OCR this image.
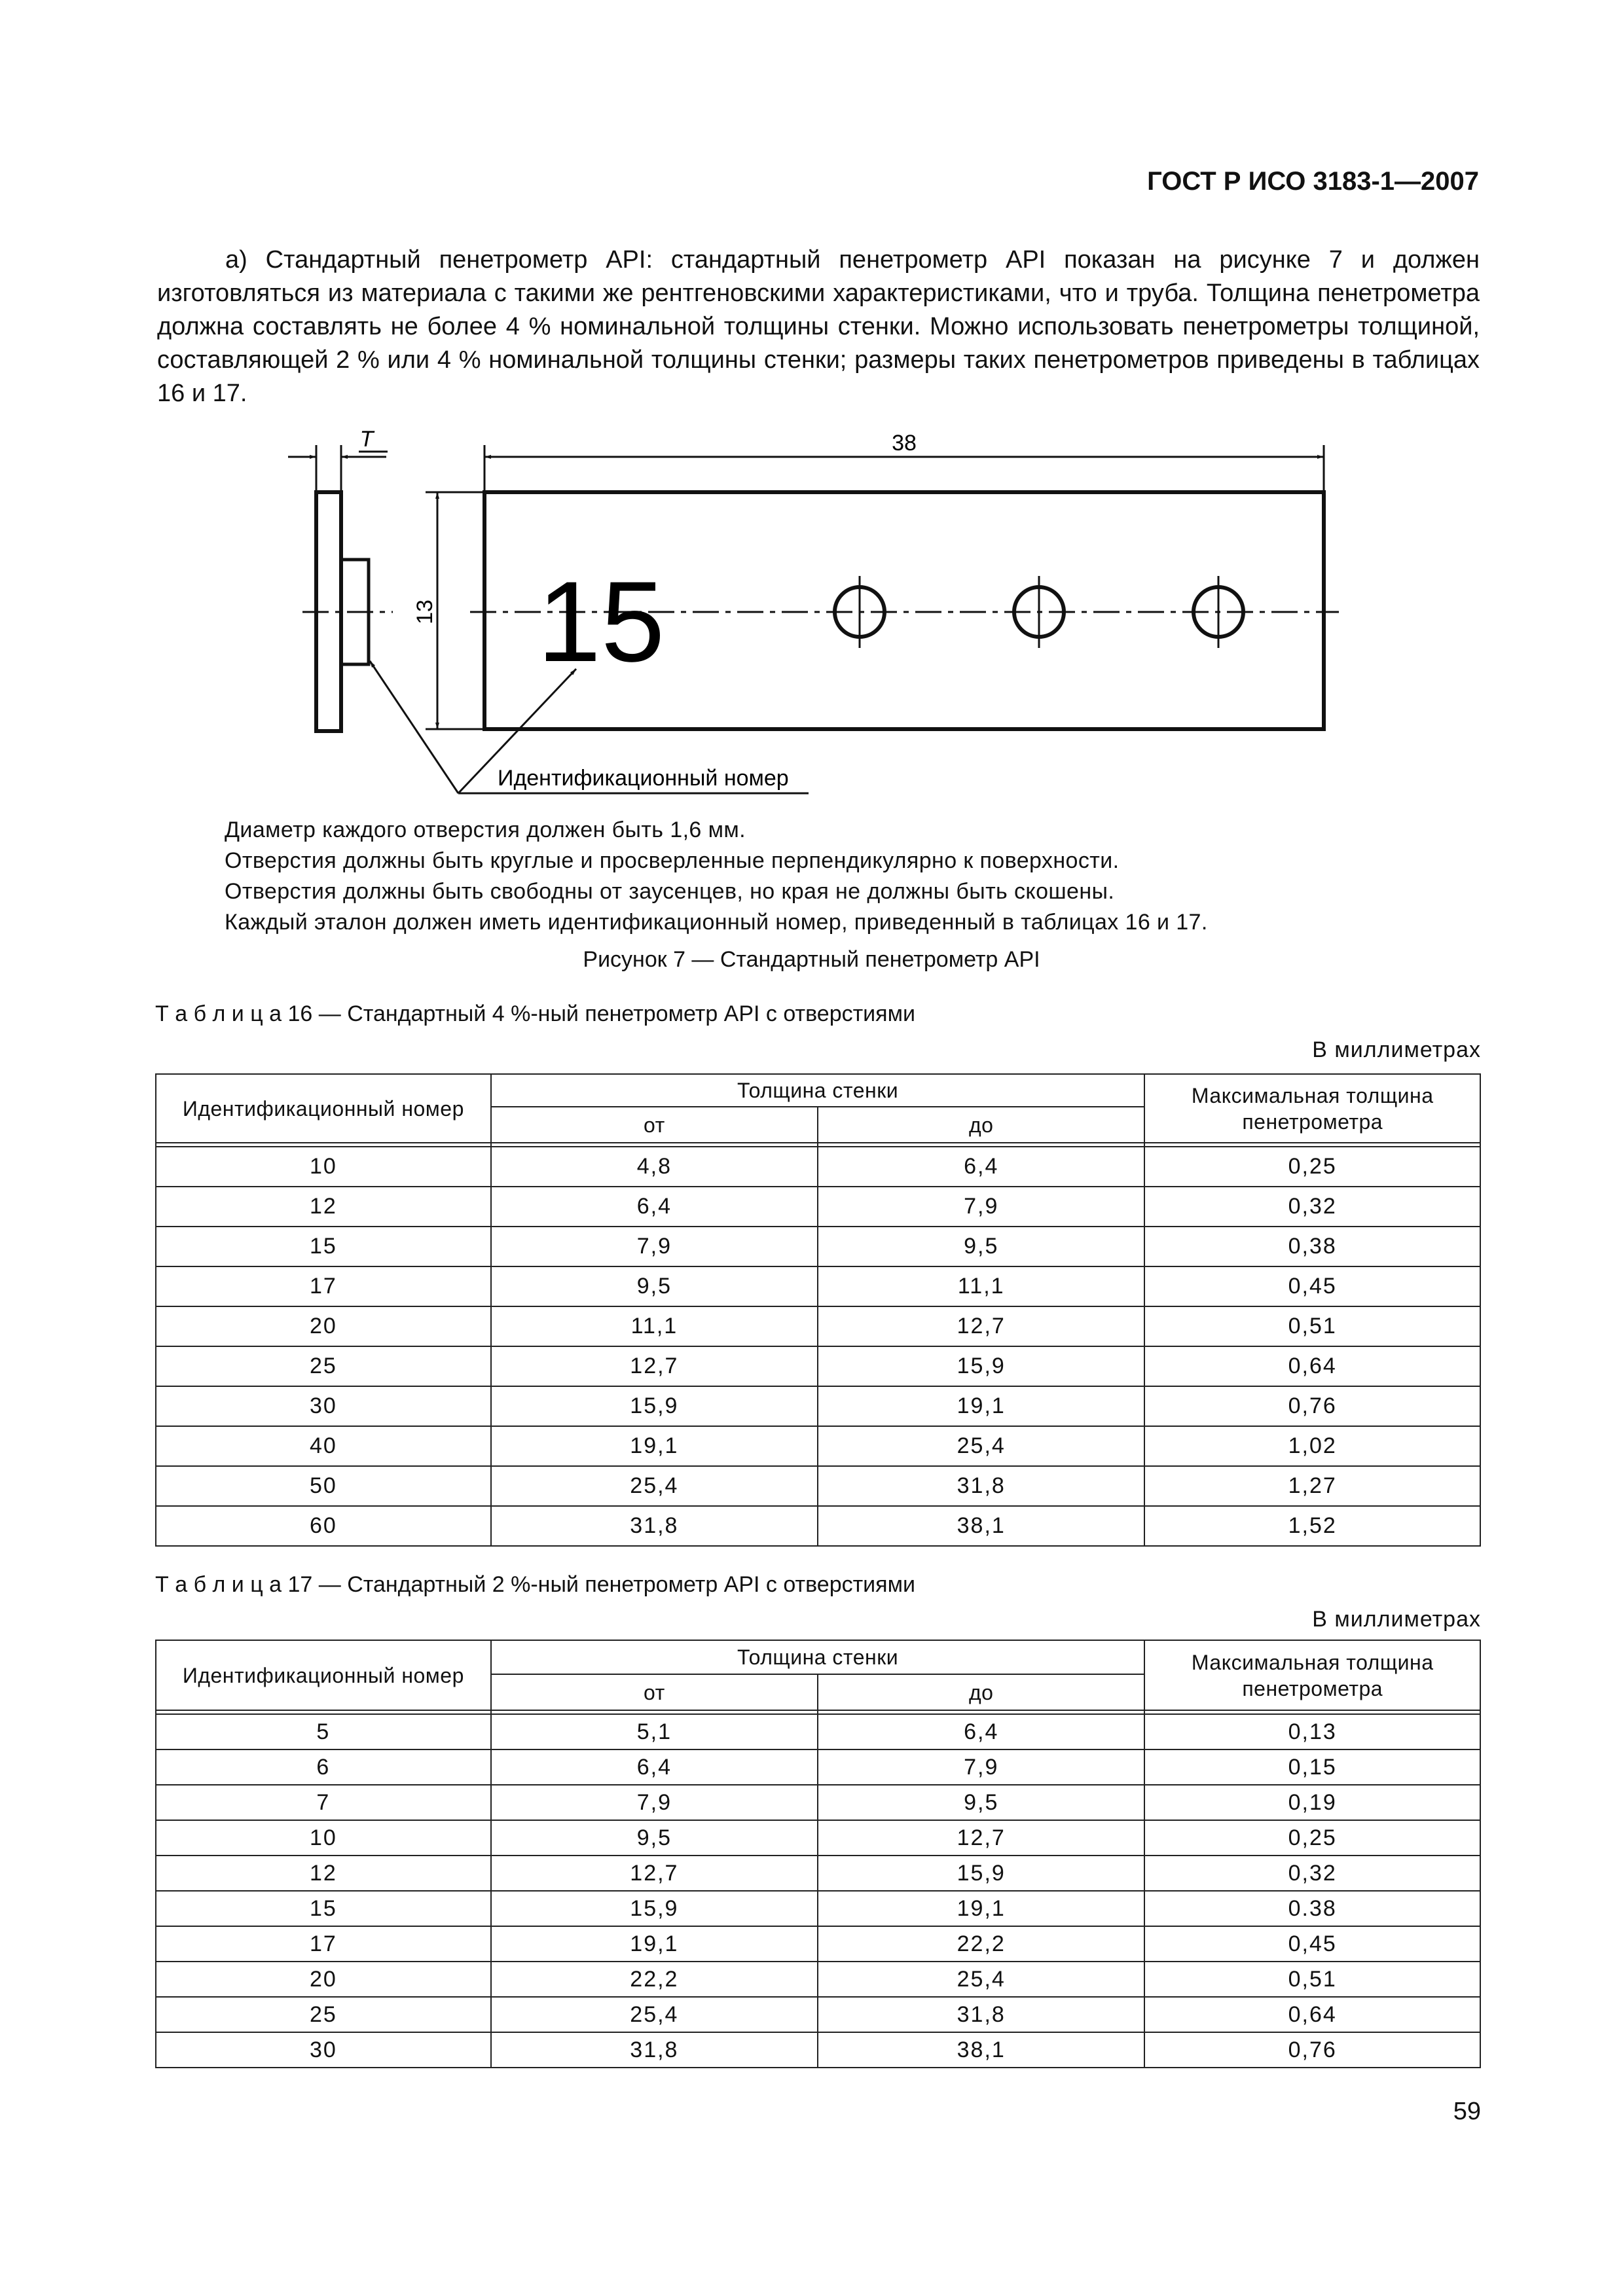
ГОСТ Р ИСО 3183-1—2007
а) Стандартный пенетрометр API: стандартный пенетрометр API показан на рисунке 7 и должен изготовляться из материала с такими же рентгеновскими характеристиками, что и труба. Толщина пенетрометра должна составлять не более 4 % номинальной толщины стенки. Можно использовать пенетрометры толщиной, составляющей 2 % или 4 % номинальной толщины стенки; размеры таких пенетрометров приведены в таблицах 16 и 17.
T	38
13 15
Идентификационный номер
Диаметр каждого отверстия должен быть 1,6 мм.
Отверстия должны быть круглые и просверленные перпендикулярно к поверхности.
Отверстия должны быть свободны от заусенцев, но края не должны быть скошены.
Каждый эталон должен иметь идентификационный номер, приведенный в таблицах 16 и 17.
Рисунок 7 — Стандартный пенетрометр API
Т а б л и ц а 16 — Стандартный 4 %-ный пенетрометр API с отверстиями
В миллиметрах
Идентификационный номер	Толщина стенки		Максимальная толщина пенетрометра
	от	до	

10	4,8	6,4	0,25
12	6,4	7,9	0,32
15	7,9	9,5	0,38
17	9,5	11,1	0,45
20	11,1	12,7	0,51
25	12,7	15,9	0,64
30	15,9	19,1	0,76
40	19,1	25,4	1,02
50	25,4	31,8	1,27
60	31,8	38,1	1,52
Т а б л и ц а 17 — Стандартный 2 %-ный пенетрометр API с отверстиями
В миллиметрах
Идентификационный номер	Толщина стенки		Максимальная толщина пенетрометра
	от	до	

5	5,1	6,4	0,13
6	6,4	7,9	0,15
7	7,9	9,5	0,19
10	9,5	12,7	0,25
12	12,7	15,9	0,32
15	15,9	19,1	0.38
17	19,1	22,2	0,45
20	22,2	25,4	0,51
25	25,4	31,8	0,64
30	31,8	38,1	0,76
59
